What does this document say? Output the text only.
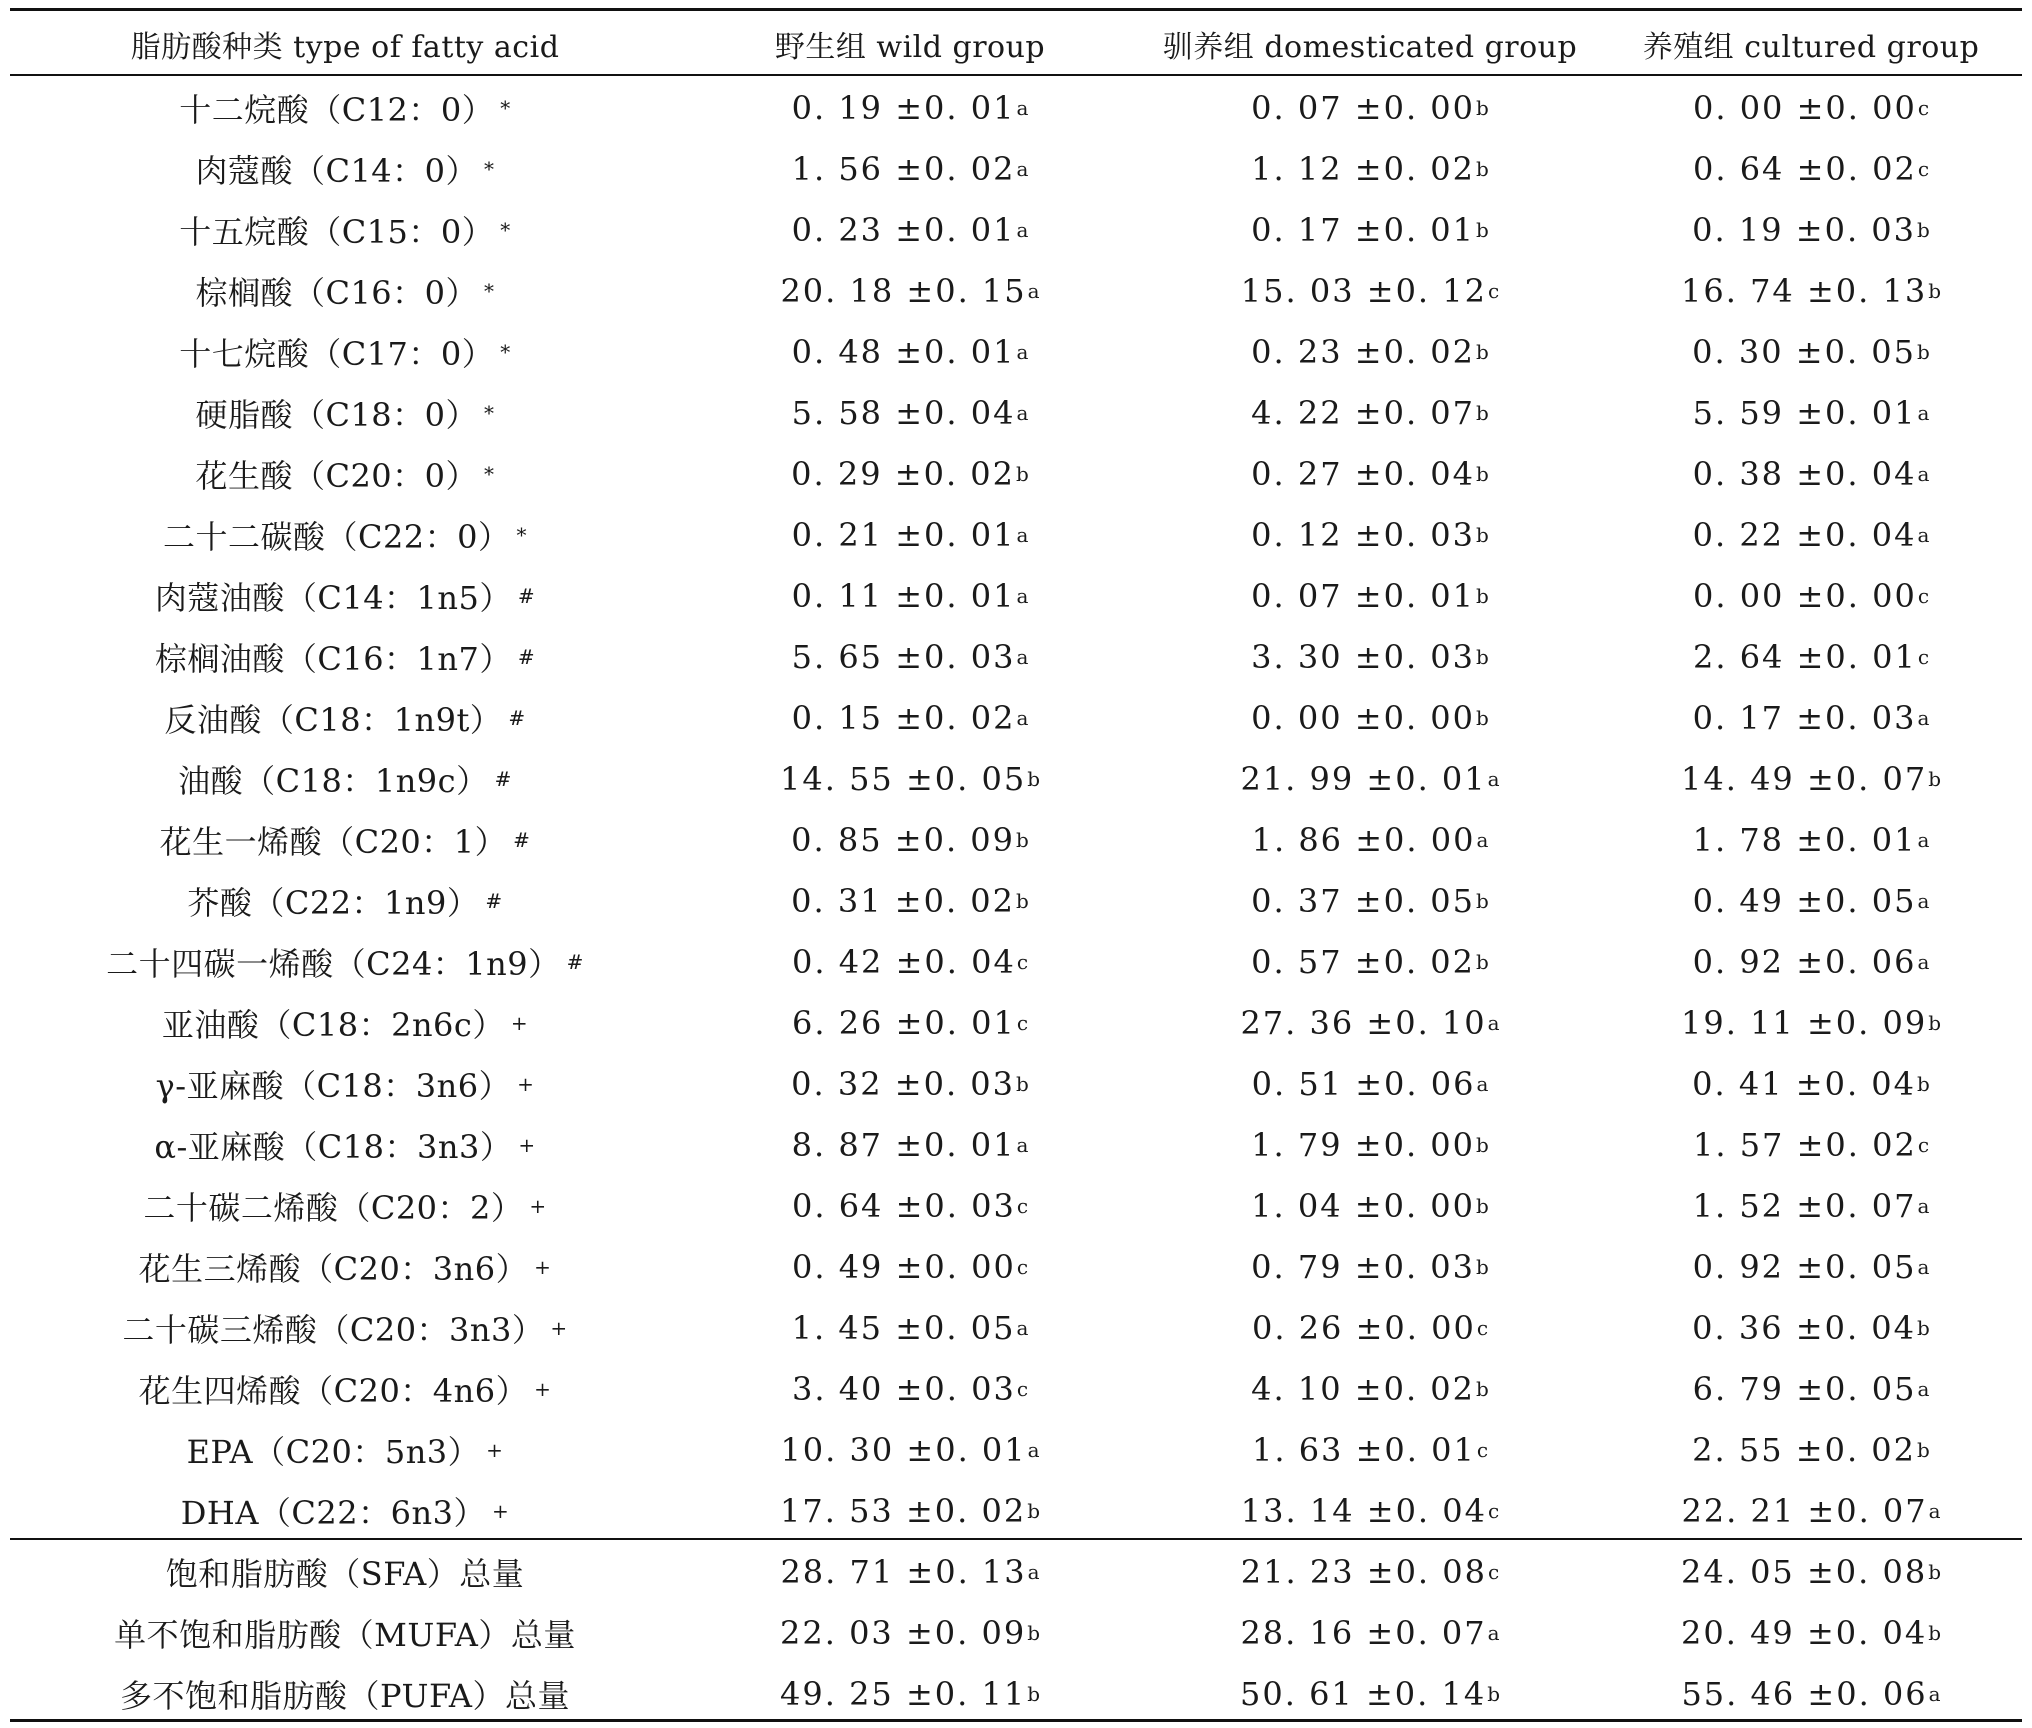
脂肪酸种类 type of fatty acid	野生组 wild group	驯养组 domesticated group	养殖组 cultured group
十二烷酸（C12：0） *	0. 19 ±0. 01 a	0. 07 ±0. 00 b	0. 00 ±0. 00 c
肉蔻酸（C14：0） *	1. 56 ±0. 02 a	1. 12 ±0. 02 b	0. 64 ±0. 02 c
十五烷酸（C15：0） *	0. 23 ±0. 01 a	0. 17 ±0. 01 b	0. 19 ±0. 03 b
棕榈酸（C16：0） *	20. 18 ±0. 15 a	15. 03 ±0. 12 c	16. 74 ±0. 13 b
十七烷酸（C17：0） *	0. 48 ±0. 01 a	0. 23 ±0. 02 b	0. 30 ±0. 05 b
硬脂酸（C18：0） *	5. 58 ±0. 04 a	4. 22 ±0. 07 b	5. 59 ±0. 01 a
花生酸（C20：0） *	0. 29 ±0. 02 b	0. 27 ±0. 04 b	0. 38 ±0. 04 a
二十二碳酸（C22：0） *	0. 21 ±0. 01 a	0. 12 ±0. 03 b	0. 22 ±0. 04 a
肉蔻油酸（C14：1n5） #	0. 11 ±0. 01 a	0. 07 ±0. 01 b	0. 00 ±0. 00 c
棕榈油酸（C16：1n7） #	5. 65 ±0. 03 a	3. 30 ±0. 03 b	2. 64 ±0. 01 c
反油酸（C18：1n9t） #	0. 15 ±0. 02 a	0. 00 ±0. 00 b	0. 17 ±0. 03 a
油酸（C18：1n9c） #	14. 55 ±0. 05 b	21. 99 ±0. 01 a	14. 49 ±0. 07 b
花生一烯酸（C20：1） #	0. 85 ±0. 09 b	1. 86 ±0. 00 a	1. 78 ±0. 01 a
芥酸（C22：1n9） #	0. 31 ±0. 02 b	0. 37 ±0. 05 b	0. 49 ±0. 05 a
二十四碳一烯酸（C24：1n9） #	0. 42 ±0. 04 c	0. 57 ±0. 02 b	0. 92 ±0. 06 a
亚油酸（C18：2n6c） +	6. 26 ±0. 01 c	27. 36 ±0. 10 a	19. 11 ±0. 09 b
γ-亚麻酸（C18：3n6） +	0. 32 ±0. 03 b	0. 51 ±0. 06 a	0. 41 ±0. 04 b
α-亚麻酸（C18：3n3） +	8. 87 ±0. 01 a	1. 79 ±0. 00 b	1. 57 ±0. 02 c
二十碳二烯酸（C20：2） +	0. 64 ±0. 03 c	1. 04 ±0. 00 b	1. 52 ±0. 07 a
花生三烯酸（C20：3n6） +	0. 49 ±0. 00 c	0. 79 ±0. 03 b	0. 92 ±0. 05 a
二十碳三烯酸（C20：3n3） +	1. 45 ±0. 05 a	0. 26 ±0. 00 c	0. 36 ±0. 04 b
花生四烯酸（C20：4n6） +	3. 40 ±0. 03 c	4. 10 ±0. 02 b	6. 79 ±0. 05 a
EPA（C20：5n3） +	10. 30 ±0. 01 a	1. 63 ±0. 01 c	2. 55 ±0. 02 b
DHA（C22：6n3） +	17. 53 ±0. 02 b	13. 14 ±0. 04 c	22. 21 ±0. 07 a
饱和脂肪酸（SFA）总量	28. 71 ±0. 13 a	21. 23 ±0. 08 c	24. 05 ±0. 08 b
单不饱和脂肪酸（MUFA）总量	22. 03 ±0. 09 b	28. 16 ±0. 07 a	20. 49 ±0. 04 b
多不饱和脂肪酸（PUFA）总量	49. 25 ±0. 11 b	50. 61 ±0. 14 b	55. 46 ±0. 06 a
